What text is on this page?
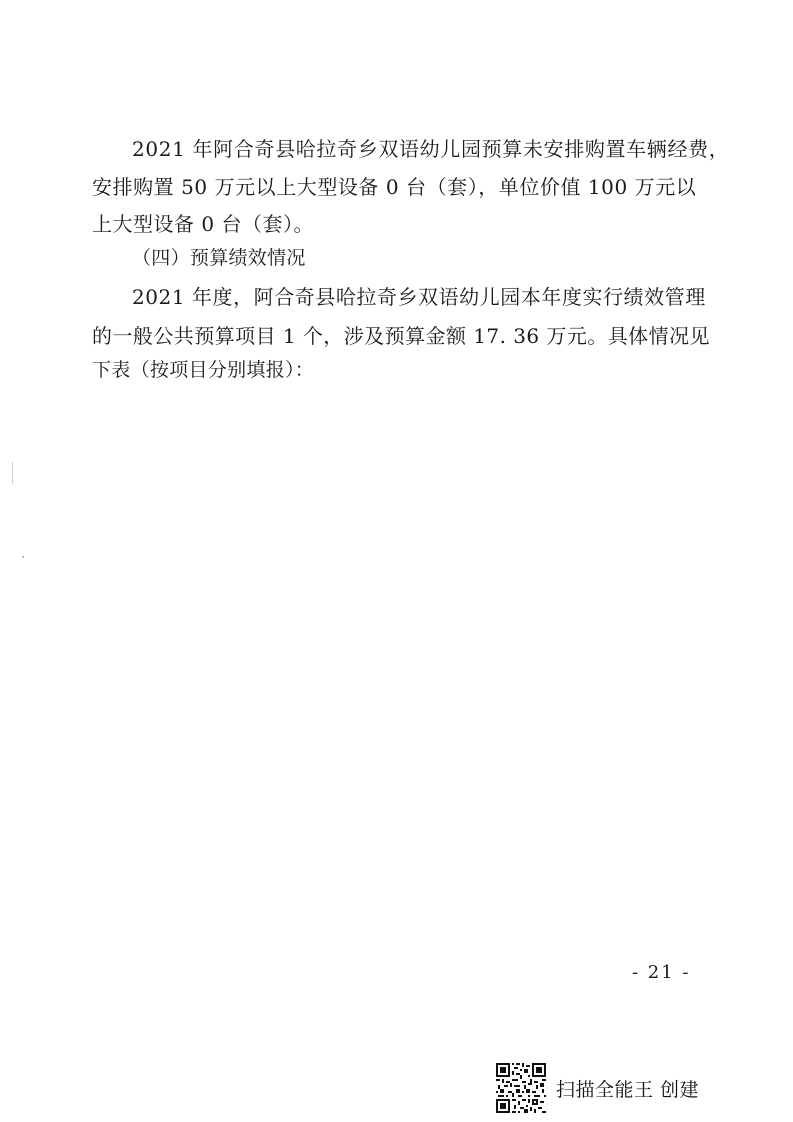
2021 年阿合奇县哈拉奇乡双语幼儿园预算未安排购置车辆经费，
安排购置 50 万元以上大型设备 0 台（套），单位价值 100 万元以
上大型设备 0 台（套）。
（四）预算绩效情况
2021 年度，阿合奇县哈拉奇乡双语幼儿园本年度实行绩效管理
的一般公共预算项目 1 个，涉及预算金额 17. 36 万元。具体情况见
下表（按项目分别填报）：
- 21 -
扫描全能王 创建
